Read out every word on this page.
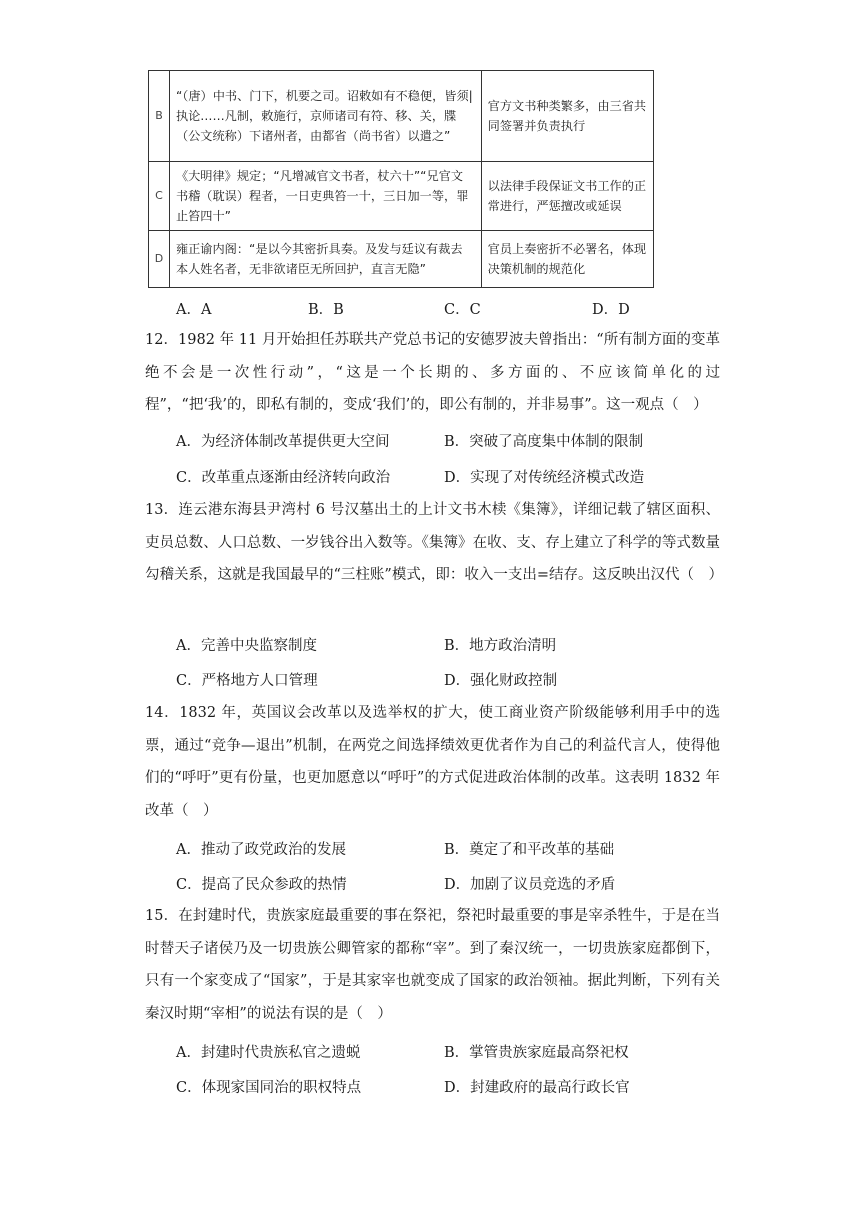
B	“（唐）中书、门下，机要之司。诏敕如有不稳便，皆须|执论……凡制，敕施行，京师诸司有符、移、关，牒（公文统称）下诸州者，由都省（尚书省）以遣之”	官方文书种类繁多，由三省共同签署并负责执行
C	《大明律》规定；“凡增减官文书者，杖六十”“兄官文书稽（耽误）程者，一日吏典笞一十，三日加一等，罪止笞四十”	以法律手段保证文书工作的正常进行，严惩擅改或延误
D	雍正谕内阁：“是以今其密折具奏。及发与廷议有裁去本人姓名者，无非欲诸臣无所回护，直言无隐”	官员上奏密折不必署名，体现决策机制的规范化
A．A	B．B	C．C	D．D

12．1982 年 11 月开始担任苏联共产党总书记的安德罗波夫曾指出：“所有制方面的变革绝不会是一次性行动”，“这是一个长期的、多方面的、不应该简单化的过程”，“把‘我’的，即私有制的，变成‘我们’的，即公有制的，并非易事”。这一观点（　）

A．为经济体制改革提供更大空间	B．突破了高度集中体制的限制
C．改革重点逐渐由经济转向政治	D．实现了对传统经济模式改造

13．连云港东海县尹湾村 6 号汉墓出土的上计文书木椟《集簿》，详细记载了辖区面积、吏员总数、人口总数、一岁钱谷出入数等。《集簿》在收、支、存上建立了科学的等式数量勾稽关系，这就是我国最早的“三柱账”模式，即：收入一支出=结存。这反映出汉代（　）

A．完善中央监察制度	B．地方政治清明
C．严格地方人口管理	D．强化财政控制

14．1832 年，英国议会改革以及选举权的扩大，使工商业资产阶级能够利用手中的选票，通过“竞争—退出”机制，在两党之间选择绩效更优者作为自己的利益代言人，使得他们的“呼吁”更有份量，也更加愿意以“呼吁”的方式促进政治体制的改革。这表明 1832 年改革（　）

A．推动了政党政治的发展	B．奠定了和平改革的基础
C．提高了民众参政的热情	D．加剧了议员竞选的矛盾

15．在封建时代，贵族家庭最重要的事在祭祀，祭祀时最重要的事是宰杀牲牛，于是在当时替天子诸侯乃及一切贵族公卿管家的都称“宰”。到了秦汉统一，一切贵族家庭都倒下，只有一个家变成了“国家”，于是其家宰也就变成了国家的政治领袖。据此判断，下列有关秦汉时期“宰相”的说法有误的是（　）

A．封建时代贵族私官之遗蜕	B．掌管贵族家庭最高祭祀权
C．体现家国同治的职权特点	D．封建政府的最高行政长官
